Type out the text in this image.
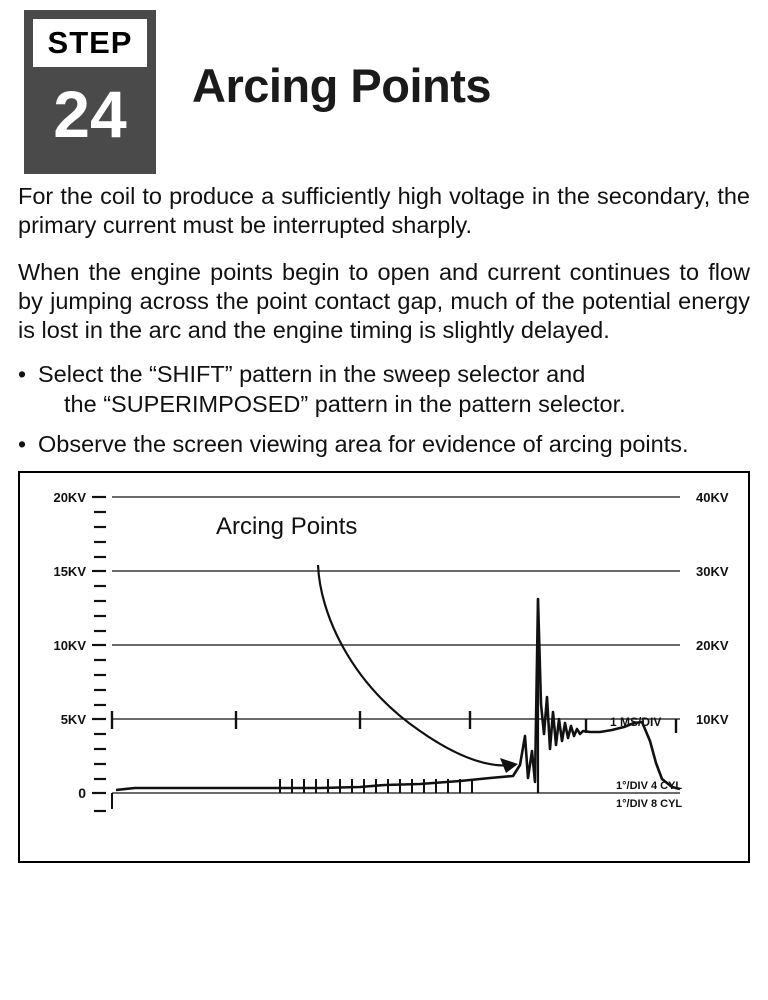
STEP
24	Arcing Points

For the coil to produce a sufficiently high voltage in the secondary, the primary current must be interrupted sharply.

When the engine points begin to open and current continues to flow by jumping across the point contact gap, much of the potential energy is lost in the arc and the engine timing is slightly delayed.

• Select the “SHIFT” pattern in the sweep selector and
the “SUPERIMPOSED” pattern in the pattern selector.
• Observe the screen viewing area for evidence of arcing points.
20KV
15KV
10KV
5KV
0
40KV
30KV
20KV
10KV
1 MS/DIV
1°/DIV 4 CYL
1°/DIV 8 CYL
Arcing Points
